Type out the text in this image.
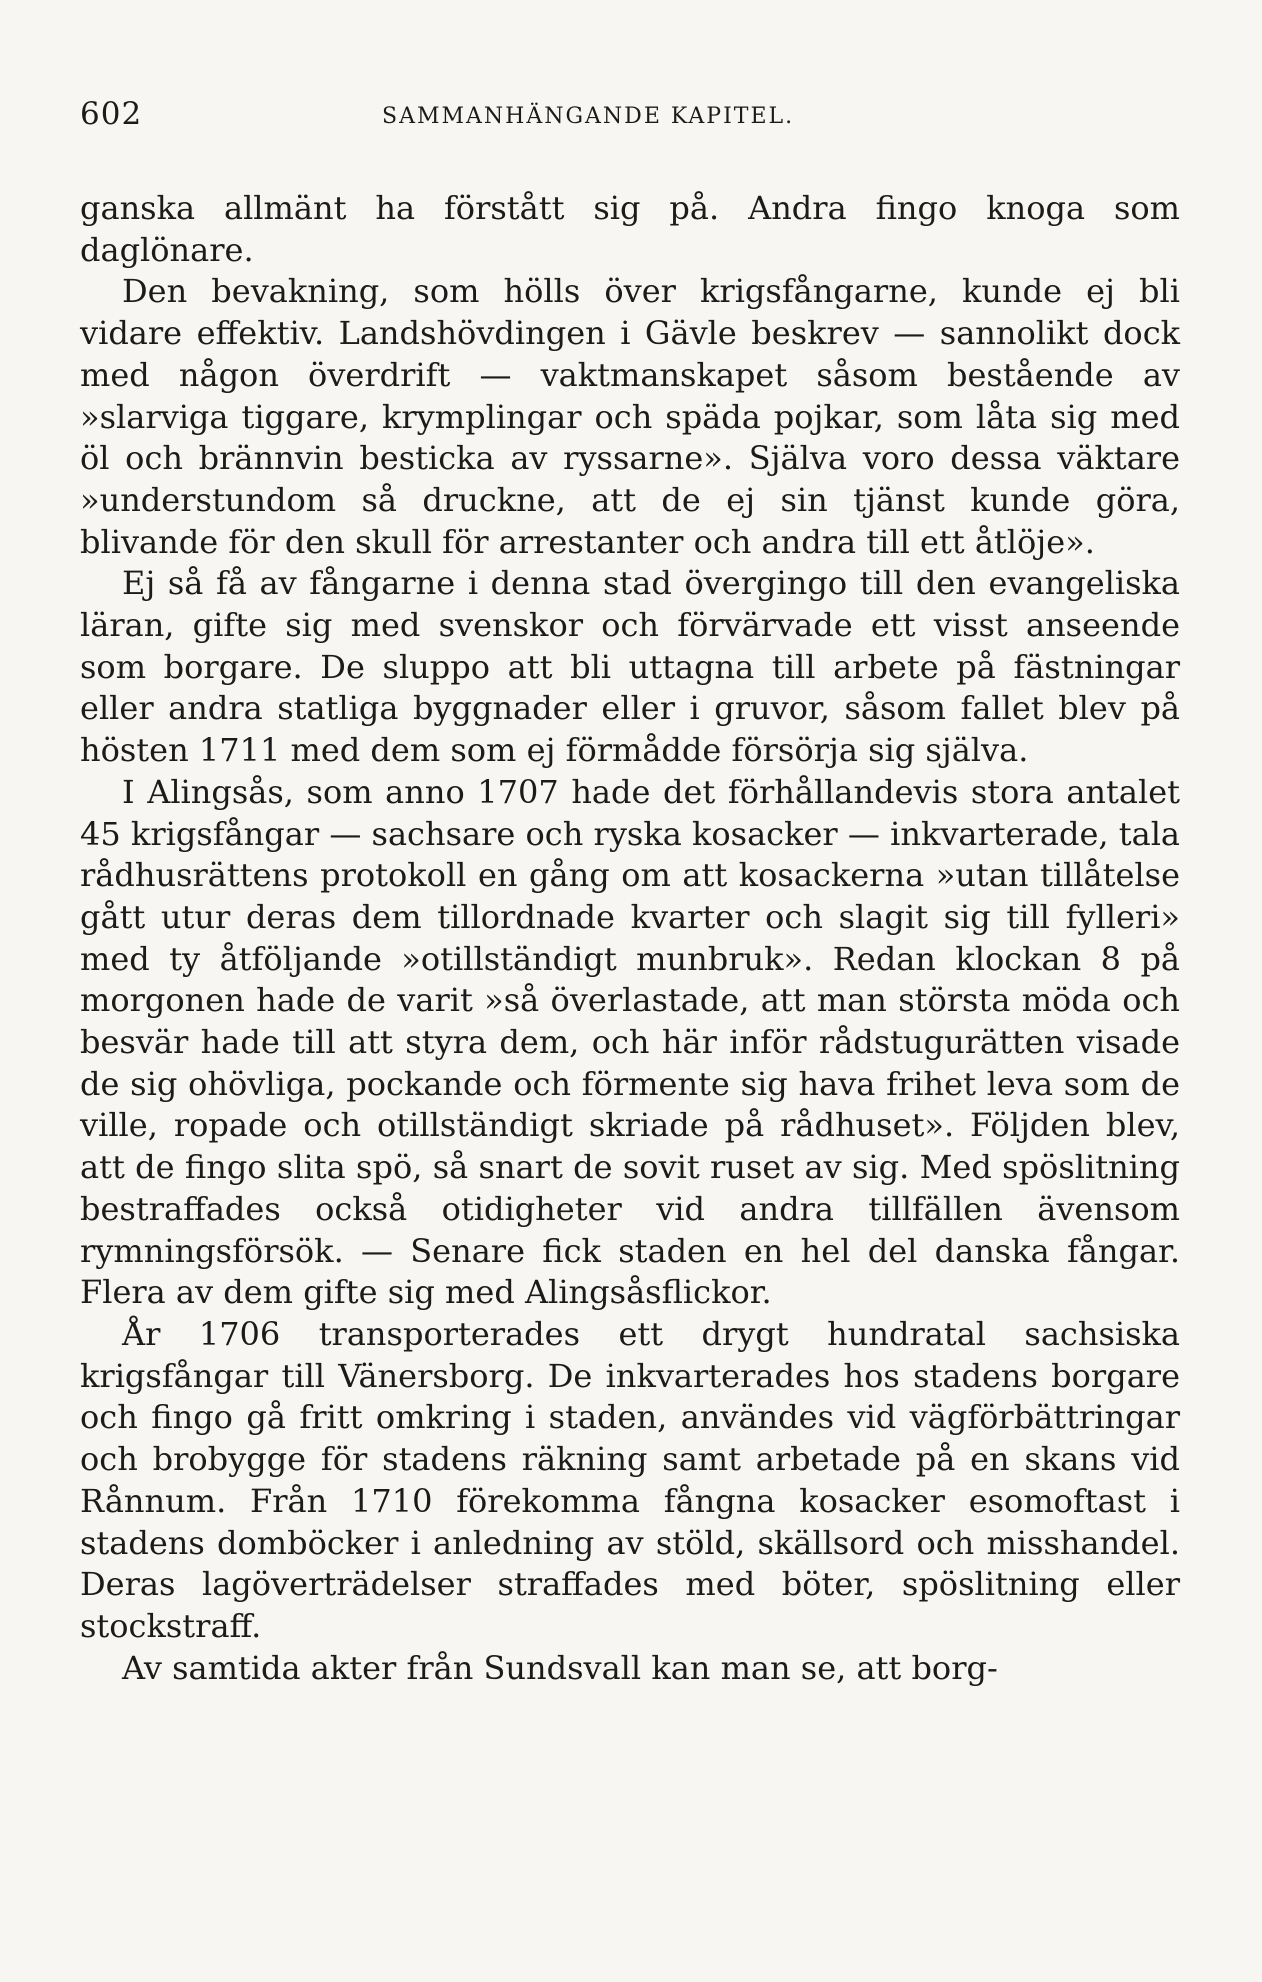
602	SAMMANHÄNGANDE KAPITEL.

ganska allmänt ha förstått sig på. Andra fingo knoga som daglönare.

Den bevakning, som hölls över krigsfångarne, kunde ej bli vidare effektiv. Landshövdingen i Gävle beskrev — sannolikt dock med någon överdrift — vaktmanskapet såsom bestående av »slarviga tiggare, krymplingar och späda pojkar, som låta sig med öl och brännvin besticka av ryssarne». Själva voro dessa väktare »understundom så druckne, att de ej sin tjänst kunde göra, blivande för den skull för arrestanter och andra till ett åtlöje».

Ej så få av fångarne i denna stad övergingo till den evangeliska läran, gifte sig med svenskor och förvärvade ett visst anseende som borgare. De sluppo att bli uttagna till arbete på fästningar eller andra statliga byggnader eller i gruvor, såsom fallet blev på hösten 1711 med dem som ej förmådde försörja sig själva.

I Alingsås, som anno 1707 hade det förhållandevis stora antalet 45 krigsfångar — sachsare och ryska kosacker — inkvarterade, tala rådhusrättens protokoll en gång om att kosackerna »utan tillåtelse gått utur deras dem tillordnade kvarter och slagit sig till fylleri» med ty åtföljande »otillständigt munbruk». Redan klockan 8 på morgonen hade de varit »så överlastade, att man största möda och besvär hade till att styra dem, och här inför rådstugurätten visade de sig ohövliga, pockande och förmente sig hava frihet leva som de ville, ropade och otillständigt skriade på rådhuset». Följden blev, att de fingo slita spö, så snart de sovit ruset av sig. Med spöslitning bestraffades också otidigheter vid andra tillfällen ävensom rymningsförsök. — Senare fick staden en hel del danska fångar. Flera av dem gifte sig med Alingsåsflickor.

År 1706 transporterades ett drygt hundratal sachsiska krigsfångar till Vänersborg. De inkvarterades hos stadens borgare och fingo gå fritt omkring i staden, användes vid vägförbättringar och brobygge för stadens räkning samt arbetade på en skans vid Rånnum. Från 1710 förekomma fångna kosacker esomoftast i stadens domböcker i anledning av stöld, skällsord och misshandel. Deras lagöverträdelser straffades med böter, spöslitning eller stockstraff.

Av samtida akter från Sundsvall kan man se, att borg-
